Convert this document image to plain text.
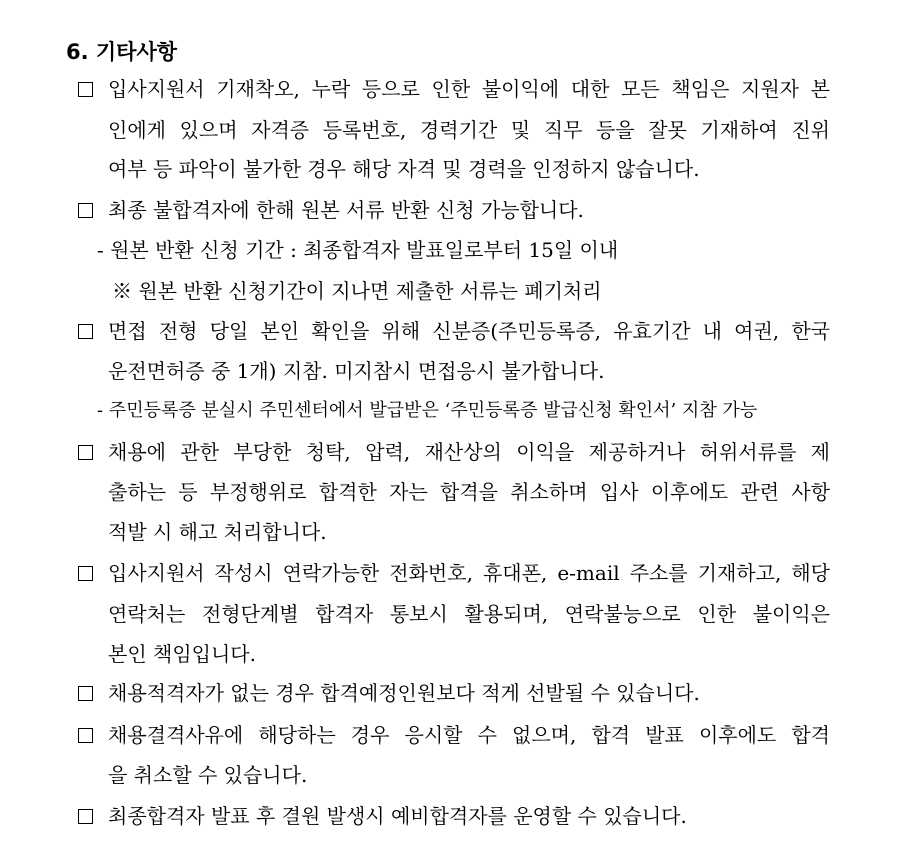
6. 기타사항
입사지원서 기재착오, 누락 등으로 인한 불이익에 대한 모든 책임은 지원자 본
인에게 있으며 자격증 등록번호, 경력기간 및 직무 등을 잘못 기재하여 진위
여부 등 파악이 불가한 경우 해당 자격 및 경력을 인정하지 않습니다.
최종 불합격자에 한해 원본 서류 반환 신청 가능합니다.
- 원본 반환 신청 기간 : 최종합격자 발표일로부터 15일 이내
※ 원본 반환 신청기간이 지나면 제출한 서류는 폐기처리
면접 전형 당일 본인 확인을 위해 신분증(주민등록증, 유효기간 내 여권, 한국
운전면허증 중 1개) 지참. 미지참시 면접응시 불가합니다.
- 주민등록증 분실시 주민센터에서 발급받은 ‘주민등록증 발급신청 확인서’ 지참 가능
채용에 관한 부당한 청탁, 압력, 재산상의 이익을 제공하거나 허위서류를 제
출하는 등 부정행위로 합격한 자는 합격을 취소하며 입사 이후에도 관련 사항
적발 시 해고 처리합니다.
입사지원서 작성시 연락가능한 전화번호, 휴대폰, e-mail 주소를 기재하고, 해당
연락처는 전형단계별 합격자 통보시 활용되며, 연락불능으로 인한 불이익은
본인 책임입니다.
채용적격자가 없는 경우 합격예정인원보다 적게 선발될 수 있습니다.
채용결격사유에 해당하는 경우 응시할 수 없으며, 합격 발표 이후에도 합격
을 취소할 수 있습니다.
최종합격자 발표 후 결원 발생시 예비합격자를 운영할 수 있습니다.
